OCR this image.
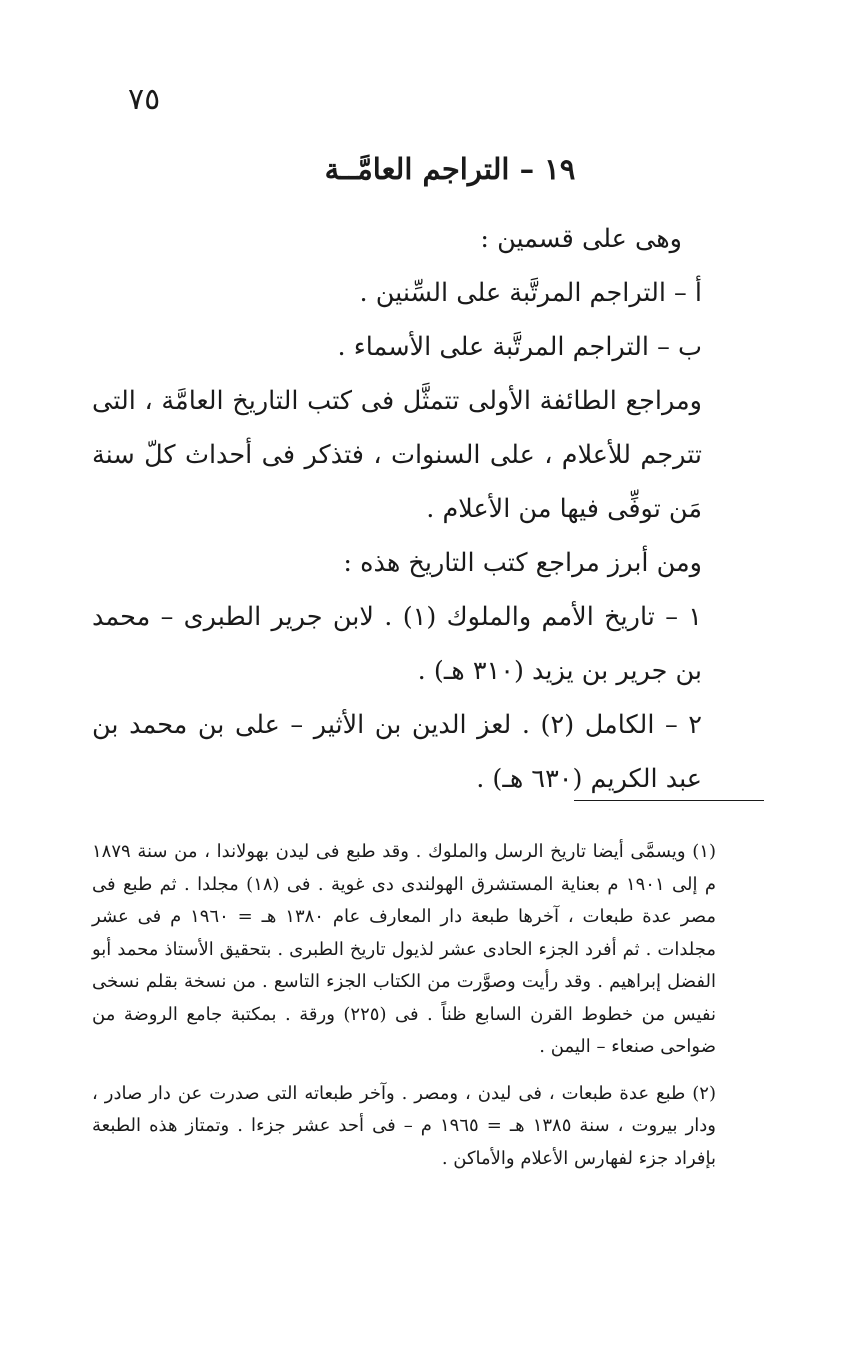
٧٥
١٩ – التراجم العامَّــة

وهى على قسمين :

أ – التراجم المرتَّبة على السِّنين .

ب – التراجم المرتَّبة على الأسماء .

ومراجع الطائفة الأولى تتمثَّل فى كتب التاريخ العامَّة ، التى تترجم للأعلام ، على السنوات ، فتذكر فى أحداث كلّ سنة مَن توفِّى فيها من الأعلام .

ومن أبرز مراجع كتب التاريخ هذه :

١ – تاريخ الأمم والملوك (١) . لابن جرير الطبرى – محمد بن جرير بن يزيد (٣١٠ هـ) .

٢ – الكامل (٢) . لعز الدين بن الأثير – على بن محمد بن عبد الكريم (٦٣٠ هـ) .

(١) ويسمَّى أيضا تاريخ الرسل والملوك . وقد طبع فى ليدن بهولاندا ، من سنة ١٨٧٩ م إلى ١٩٠١ م بعناية المستشرق الهولندى دى غوية . فى (١٨) مجلدا . ثم طبع فى مصر عدة طبعات ، آخرها طبعة دار المعارف عام ١٣٨٠ هـ = ١٩٦٠ م فى عشر مجلدات . ثم أفرد الجزء الحادى عشر لذيول تاريخ الطبرى . بتحقيق الأستاذ محمد أبو الفضل إبراهيم . وقد رأيت وصوَّرت من الكتاب الجزء التاسع . من نسخة بقلم نسخى نفيس من خطوط القرن السابع ظناً . فى (٢٢٥) ورقة . بمكتبة جامع الروضة من ضواحى صنعاء – اليمن .

(٢) طبع عدة طبعات ، فى ليدن ، ومصر . وآخر طبعاته التى صدرت عن دار صادر ، ودار بيروت ، سنة ١٣٨٥ هـ = ١٩٦٥ م – فى أحد عشر جزءا . وتمتاز هذه الطبعة بإفراد جزء لفهارس الأعلام والأماكن .
